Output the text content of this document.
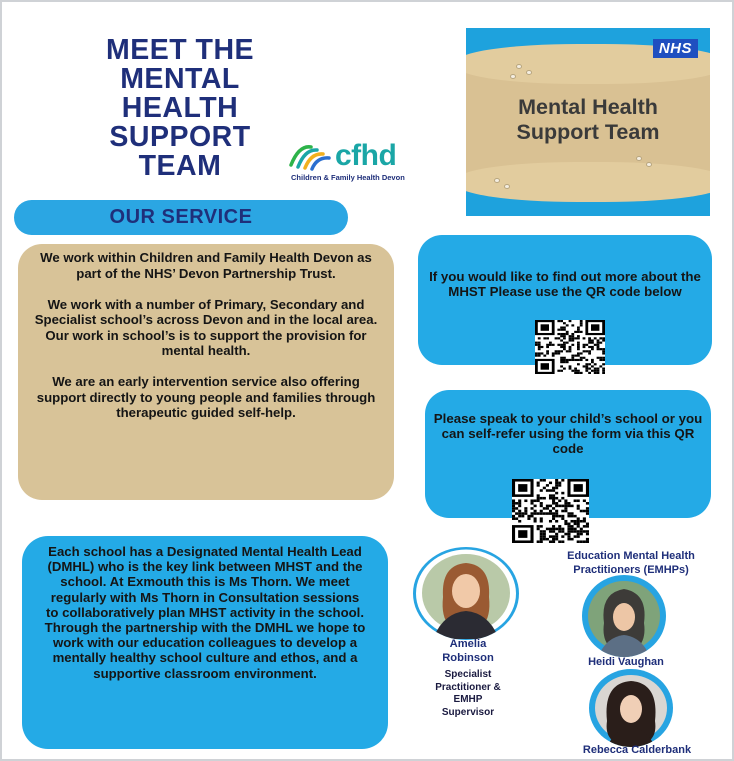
MEET THE
MENTAL
HEALTH
SUPPORT
TEAM	cfhd
Children & Family Health Devon
NHS
Mental Health
Support Team
OUR SERVICE

We work within Children and Family Health Devon as part of the NHS’ Devon Partnership Trust.

We work with a number of Primary, Secondary and Specialist school’s across Devon and in the local area. Our work in school’s is to support the provision for mental health.

We are an early intervention service also offering support directly to young people and families through therapeutic guided self-help.

If you would like to find out more about the MHST Please use the QR code below
Please speak to your child’s school or you can self-refer using the form via this QR code
Each school has a Designated Mental Health Lead (DMHL) who is the key link between MHST and the school. At Exmouth this is Ms Thorn. We meet regularly with Ms Thorn in Consultation sessions to collaboratively plan MHST activity in the school.
Through the partnership with the DMHL we hope to work with our education colleagues to develop a mentally healthy school culture and ethos, and a supportive classroom environment.
Education Mental Health Practitioners (EMHPs)
Amelia Robinson
Specialist Practitioner & EMHP Supervisor
Heidi Vaughan
Rebecca Calderbank
